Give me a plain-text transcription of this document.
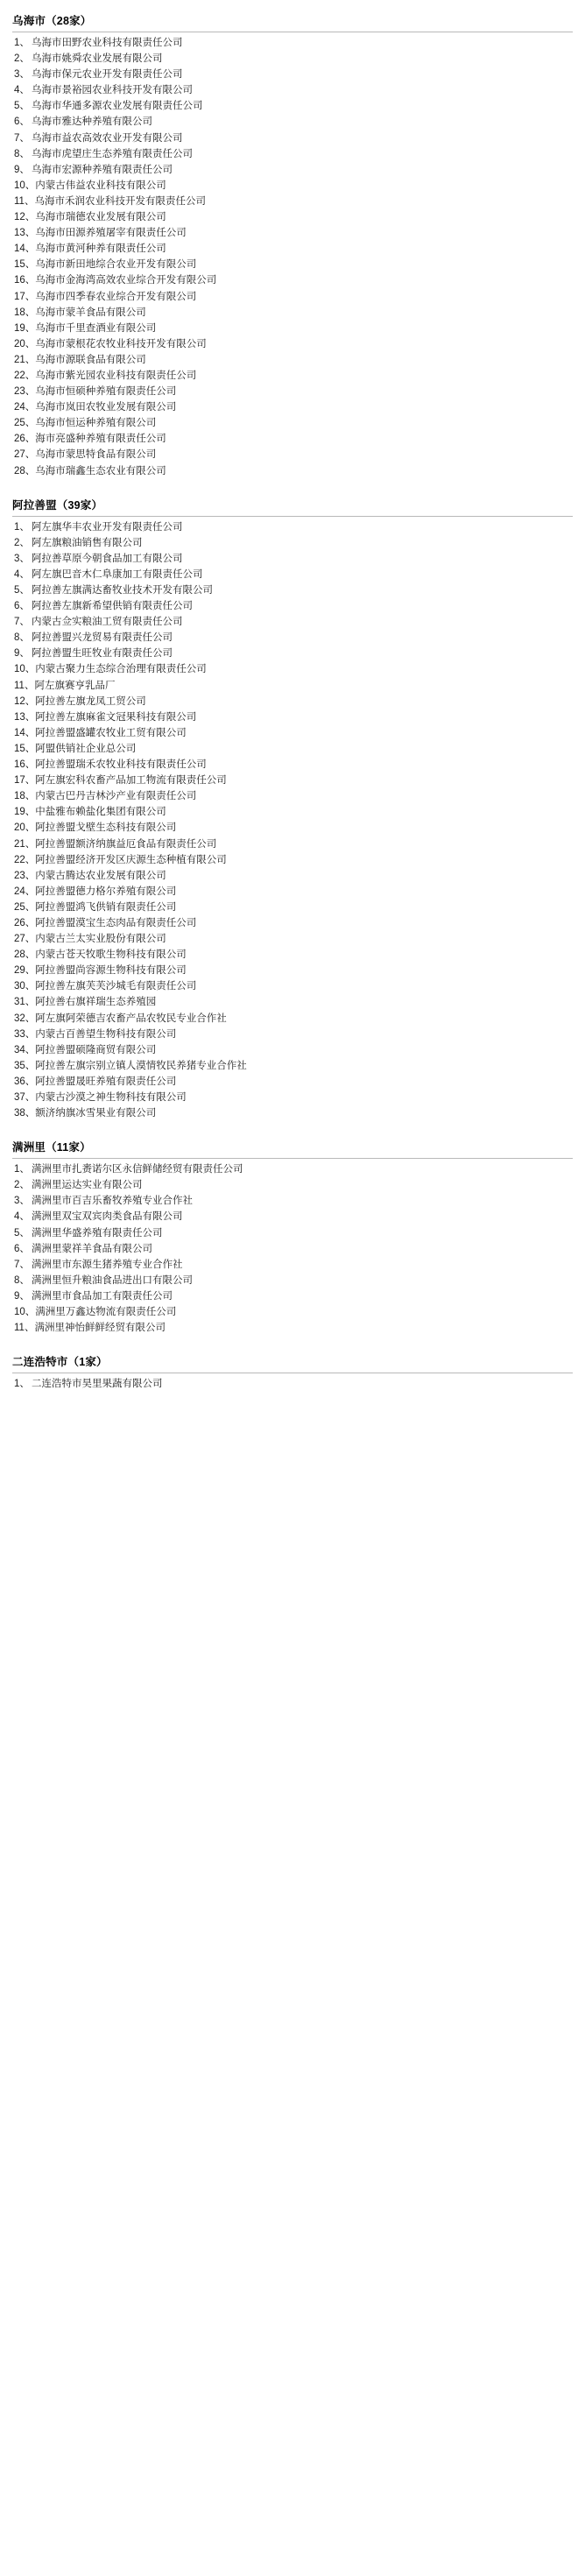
乌海市（28家）
1、 乌海市田野农业科技有限责任公司
2、 乌海市姚舜农业发展有限公司
3、 乌海市保元农业开发有限责任公司
4、 乌海市景裕园农业科技开发有限公司
5、 乌海市华通多源农业发展有限责任公司
6、 乌海市雅达种养殖有限公司
7、 乌海市益农高效农业开发有限公司
8、 乌海市虎望庄生态养殖有限责任公司
9、 乌海市宏源种养殖有限责任公司
10、内蒙古伟益农业科技有限公司
11、乌海市禾润农业科技开发有限责任公司
12、乌海市瑞德农业发展有限公司
13、乌海市田源养殖屠宰有限责任公司
14、乌海市黄河种养有限责任公司
15、乌海市新田地综合农业开发有限公司
16、乌海市金海湾高效农业综合开发有限公司
17、乌海市四季春农业综合开发有限公司
18、乌海市蒙羊食品有限公司
19、乌海市千里查酒业有限公司
20、乌海市蒙根花农牧业科技开发有限公司
21、乌海市源联食品有限公司
22、乌海市紫光园农业科技有限责任公司
23、乌海市恒硕种养殖有限责任公司
24、乌海市岚田农牧业发展有限公司
25、乌海市恒运种养殖有限公司
26、海市亮盛种养殖有限责任公司
27、乌海市蒙思特食品有限公司
28、乌海市瑞鑫生态农业有限公司
阿拉善盟（39家）
1、 阿左旗华丰农业开发有限责任公司
2、 阿左旗粮油销售有限公司
3、 阿拉善草原今朝食品加工有限公司
4、 阿左旗巴音木仁阜康加工有限责任公司
5、 阿拉善左旗满达畜牧业技术开发有限公司
6、 阿拉善左旗新希望供销有限责任公司
7、 内蒙古佥实粮油工贸有限责任公司
8、 阿拉善盟兴龙贸易有限责任公司
9、 阿拉善盟生旺牧业有限责任公司
10、内蒙古聚力生态综合治理有限责任公司
11、阿左旗赛亨乳品厂
12、阿拉善左旗龙凤工贸公司
13、阿拉善左旗麻雀文冠果科技有限公司
14、阿拉善盟盛罐农牧业工贸有限公司
15、阿盟供销社企业总公司
16、阿拉善盟瑞禾农牧业科技有限责任公司
17、阿左旗宏科农畜产品加工物流有限责任公司
18、内蒙古巴丹吉林沙产业有限责任公司
19、中盐雅布赖盐化集团有限公司
20、阿拉善盟戈壁生态科技有限公司
21、阿拉善盟额济纳旗益厄食品有限责任公司
22、阿拉善盟经济开发区庆源生态种植有限公司
23、内蒙古腾达农业发展有限公司
24、阿拉善盟德力格尔养殖有限公司
25、阿拉善盟鸿飞供销有限责任公司
26、阿拉善盟漠宝生态肉品有限责任公司
27、内蒙古兰太实业股份有限公司
28、内蒙古苍天牧歌生物科技有限公司
29、阿拉善盟尚容源生物科技有限公司
30、阿拉善左旗芙芙沙城毛有限责任公司
31、阿拉善右旗祥瑞生态养殖园
32、阿左旗阿荣德吉农畜产品农牧民专业合作社
33、内蒙古百善望生物科技有限公司
34、阿拉善盟硕隆商贸有限公司
35、阿拉善左旗宗别立镇人漠情牧民养猪专业合作社
36、阿拉善盟晟旺养殖有限责任公司
37、内蒙古沙漠之神生物科技有限公司
38、额济纳旗冰雪果业有限公司
满洲里（11家）
1、 满洲里市扎赉诺尔区永信鲜储经贸有限责任公司
2、 满洲里运达实业有限公司
3、 满洲里市百吉乐畜牧养殖专业合作社
4、 满洲里双宝双宾肉类食品有限公司
5、 满洲里华盛养殖有限责任公司
6、 满洲里蒙祥羊食品有限公司
7、 满洲里市东源生猪养殖专业合作社
8、 满洲里恒升粮油食品进出口有限公司
9、 满洲里市食品加工有限责任公司
10、满洲里万鑫达物流有限责任公司
11、满洲里神怡鲜鲜经贸有限公司
二连浩特市（1家）
1、 二连浩特市昊里果蔬有限公司
